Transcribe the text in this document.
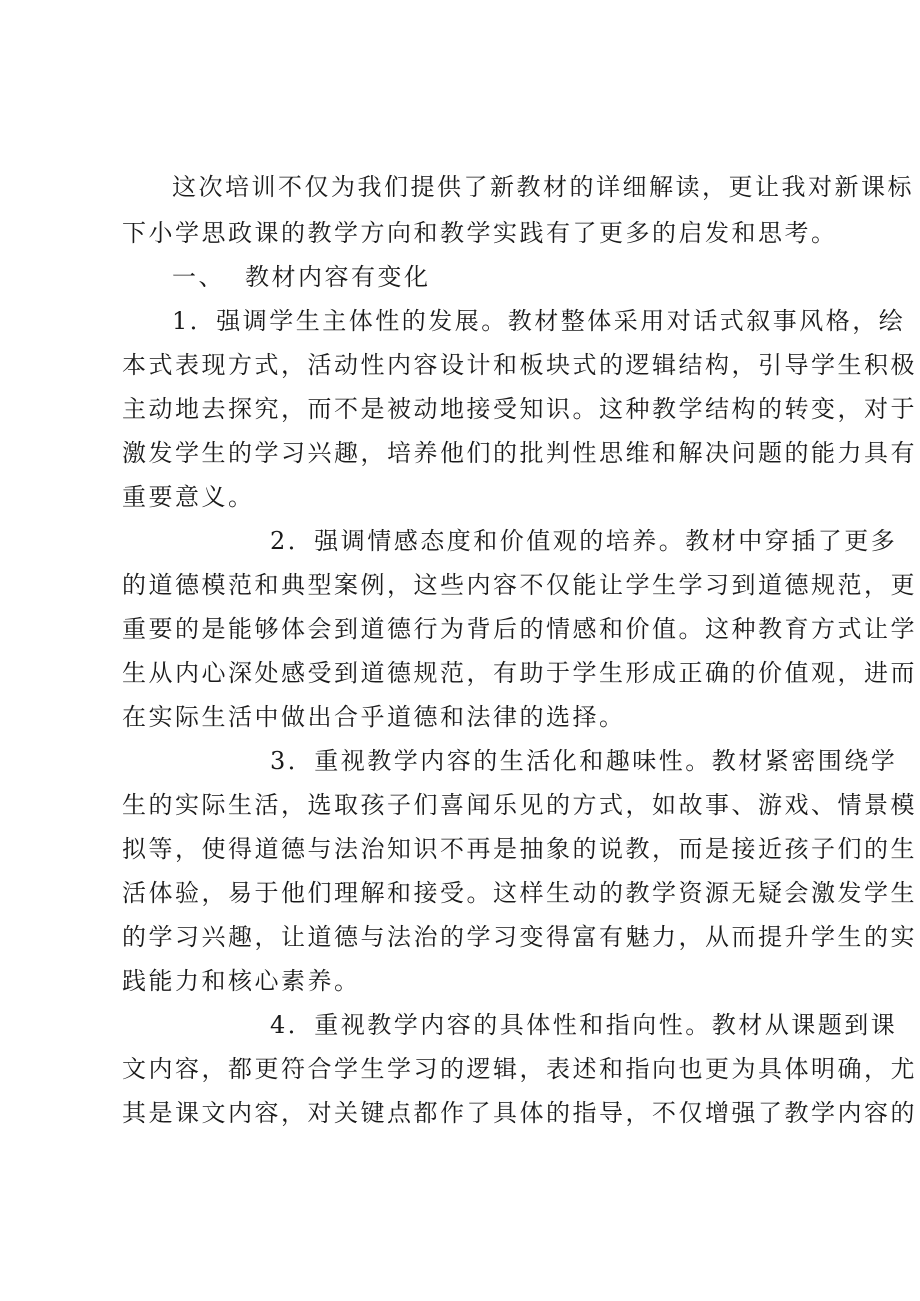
这次培训不仅为我们提供了新教材的详细解读，更让我对新课标
下小学思政课的教学方向和教学实践有了更多的启发和思考。
一、 教材内容有变化
1．强调学生主体性的发展。教材整体采用对话式叙事风格，绘
本式表现方式，活动性内容设计和板块式的逻辑结构，引导学生积极
主动地去探究，而不是被动地接受知识。这种教学结构的转变，对于
激发学生的学习兴趣，培养他们的批判性思维和解决问题的能力具有
重要意义。
2．强调情感态度和价值观的培养。教材中穿插了更多
的道德模范和典型案例，这些内容不仅能让学生学习到道德规范，更
重要的是能够体会到道德行为背后的情感和价值。这种教育方式让学
生从内心深处感受到道德规范，有助于学生形成正确的价值观，进而
在实际生活中做出合乎道德和法律的选择。
3．重视教学内容的生活化和趣味性。教材紧密围绕学
生的实际生活，选取孩子们喜闻乐见的方式，如故事、游戏、情景模
拟等，使得道德与法治知识不再是抽象的说教，而是接近孩子们的生
活体验，易于他们理解和接受。这样生动的教学资源无疑会激发学生
的学习兴趣，让道德与法治的学习变得富有魅力，从而提升学生的实
践能力和核心素养。
4．重视教学内容的具体性和指向性。教材从课题到课
文内容，都更符合学生学习的逻辑，表述和指向也更为具体明确，尤
其是课文内容，对关键点都作了具体的指导，不仅增强了教学内容的
